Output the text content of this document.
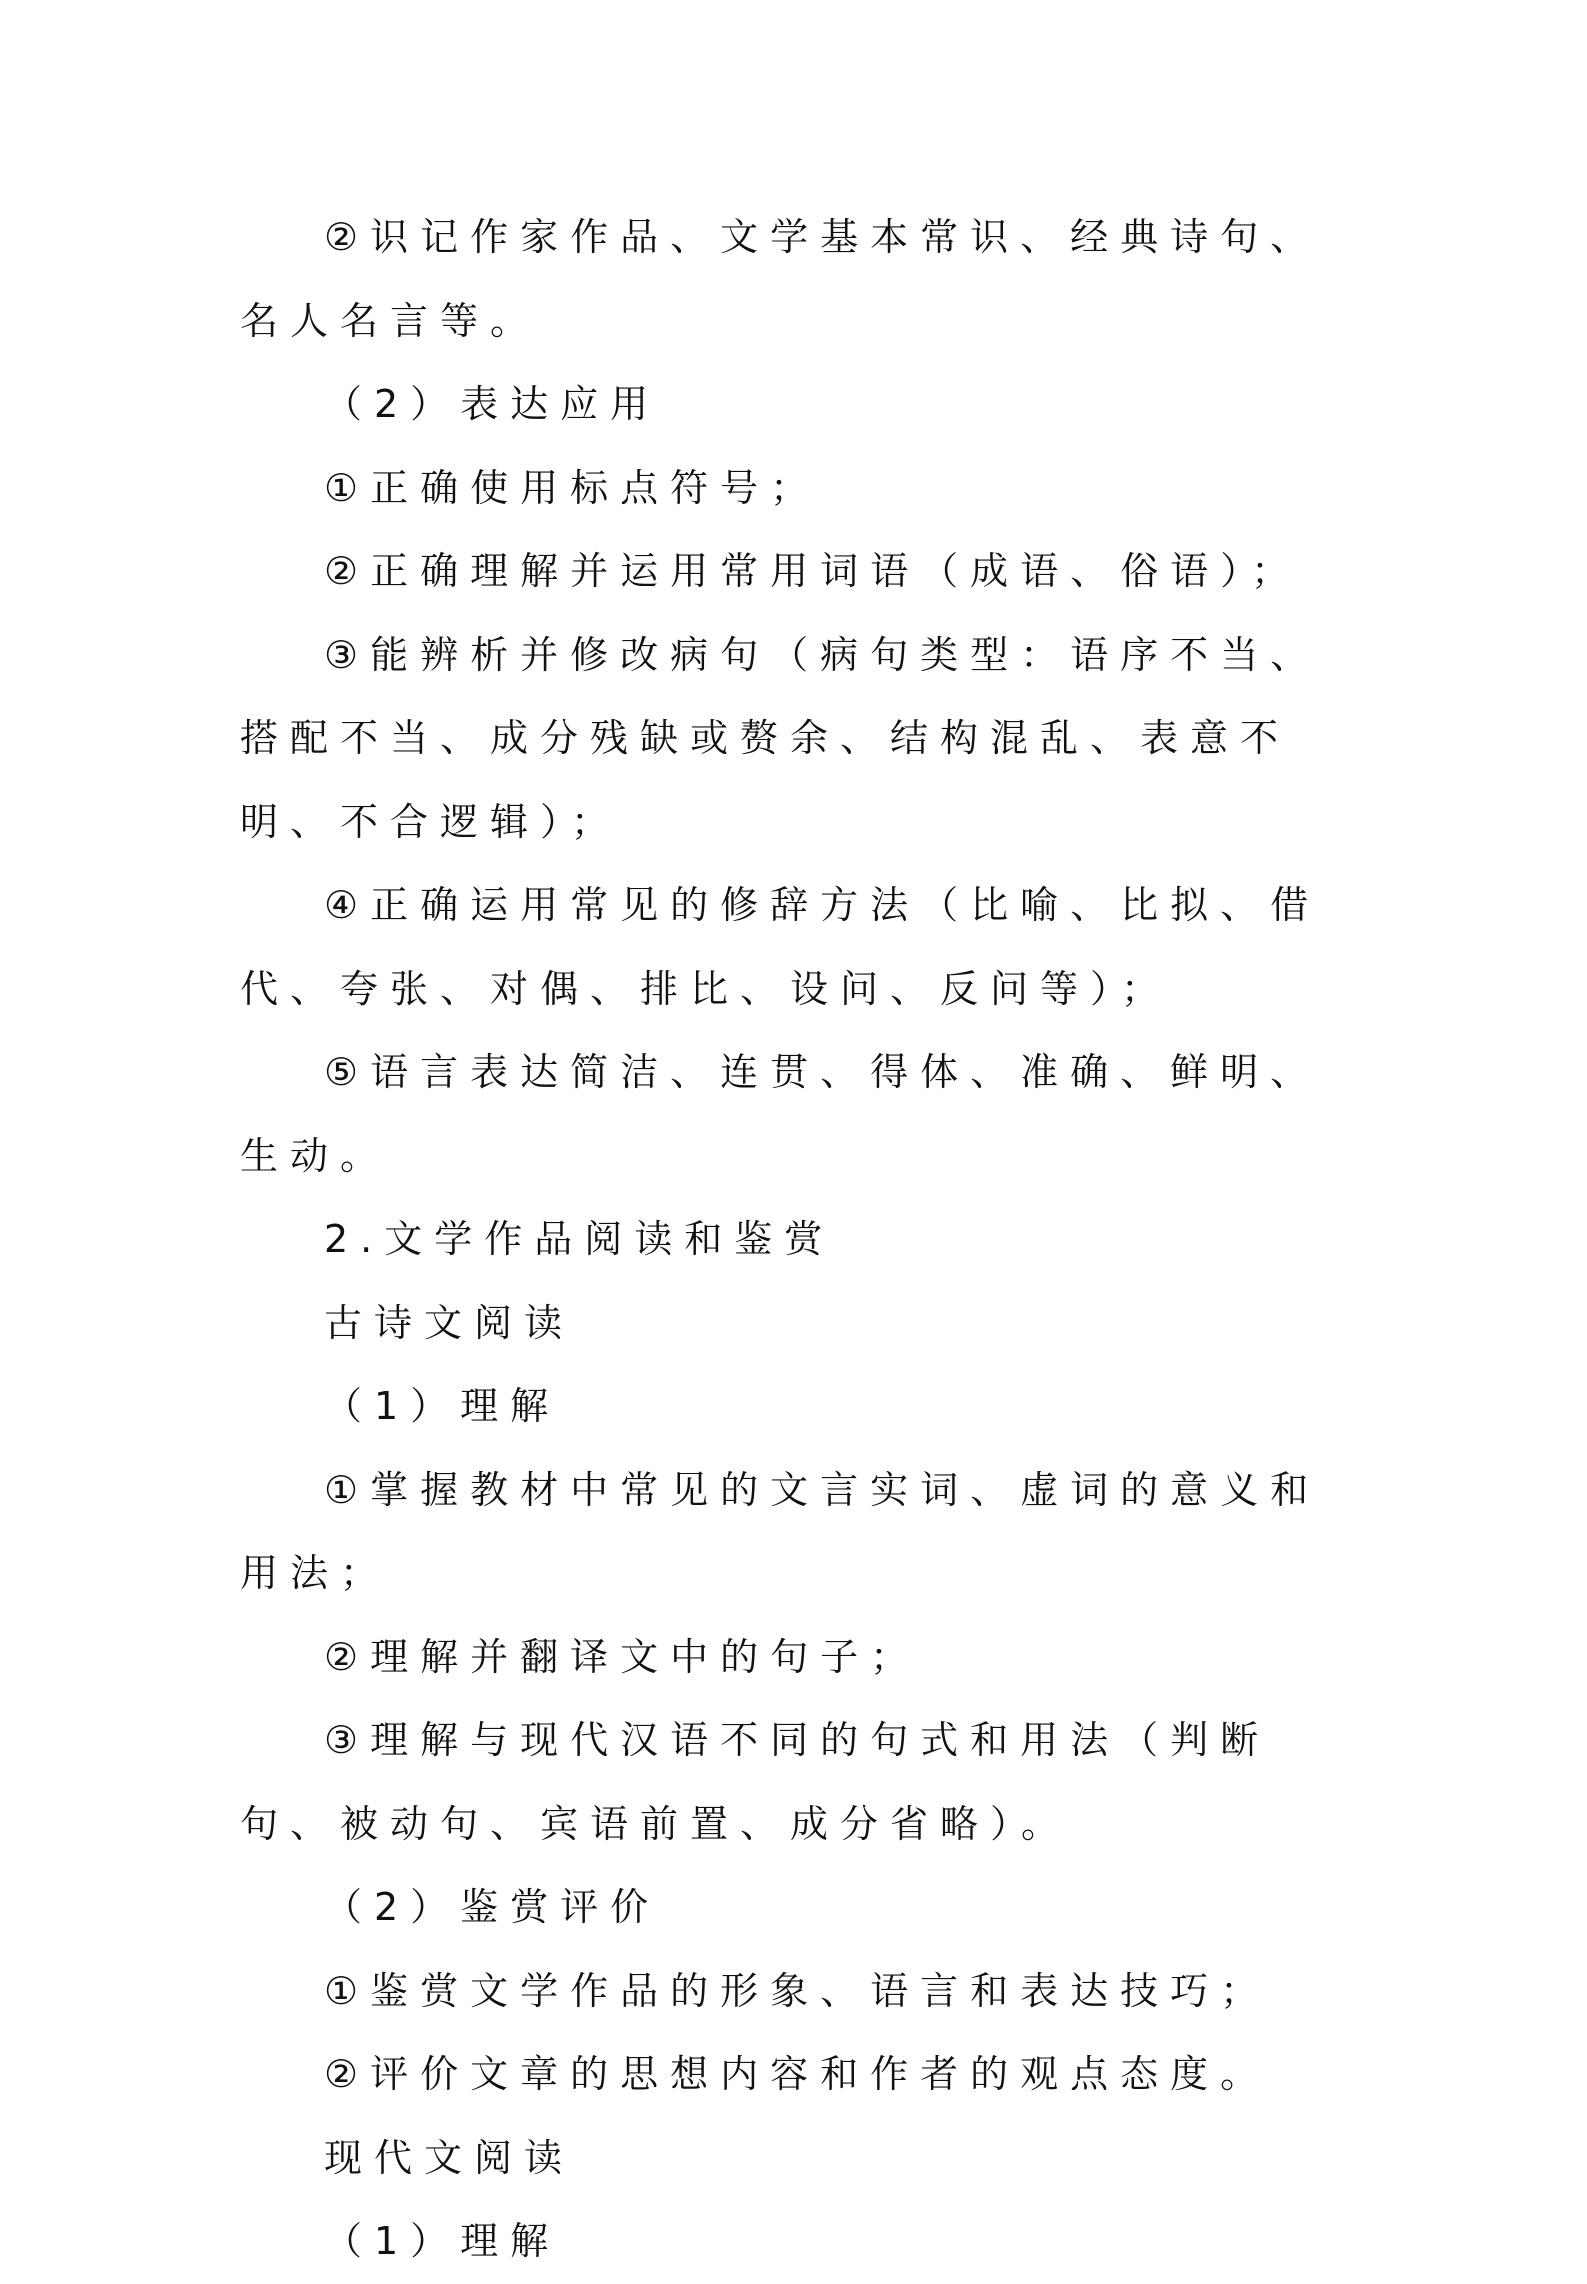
②识记作家作品、文学基本常识、经典诗句、名人名言等。

（2）表达应用

①正确使用标点符号；

②正确理解并运用常用词语（成语、俗语）；

③能辨析并修改病句（病句类型：语序不当、搭配不当、成分残缺或赘余、结构混乱、表意不明、不合逻辑）；

④正确运用常见的修辞方法（比喻、比拟、借代、夸张、对偶、排比、设问、反问等）；

⑤语言表达简洁、连贯、得体、准确、鲜明、生动。

2.文学作品阅读和鉴赏

古诗文阅读

（1）理解

①掌握教材中常见的文言实词、虚词的意义和用法；

②理解并翻译文中的句子；

③理解与现代汉语不同的句式和用法（判断句、被动句、宾语前置、成分省略）。

（2）鉴赏评价

①鉴赏文学作品的形象、语言和表达技巧；

②评价文章的思想内容和作者的观点态度。

现代文阅读

（1）理解
